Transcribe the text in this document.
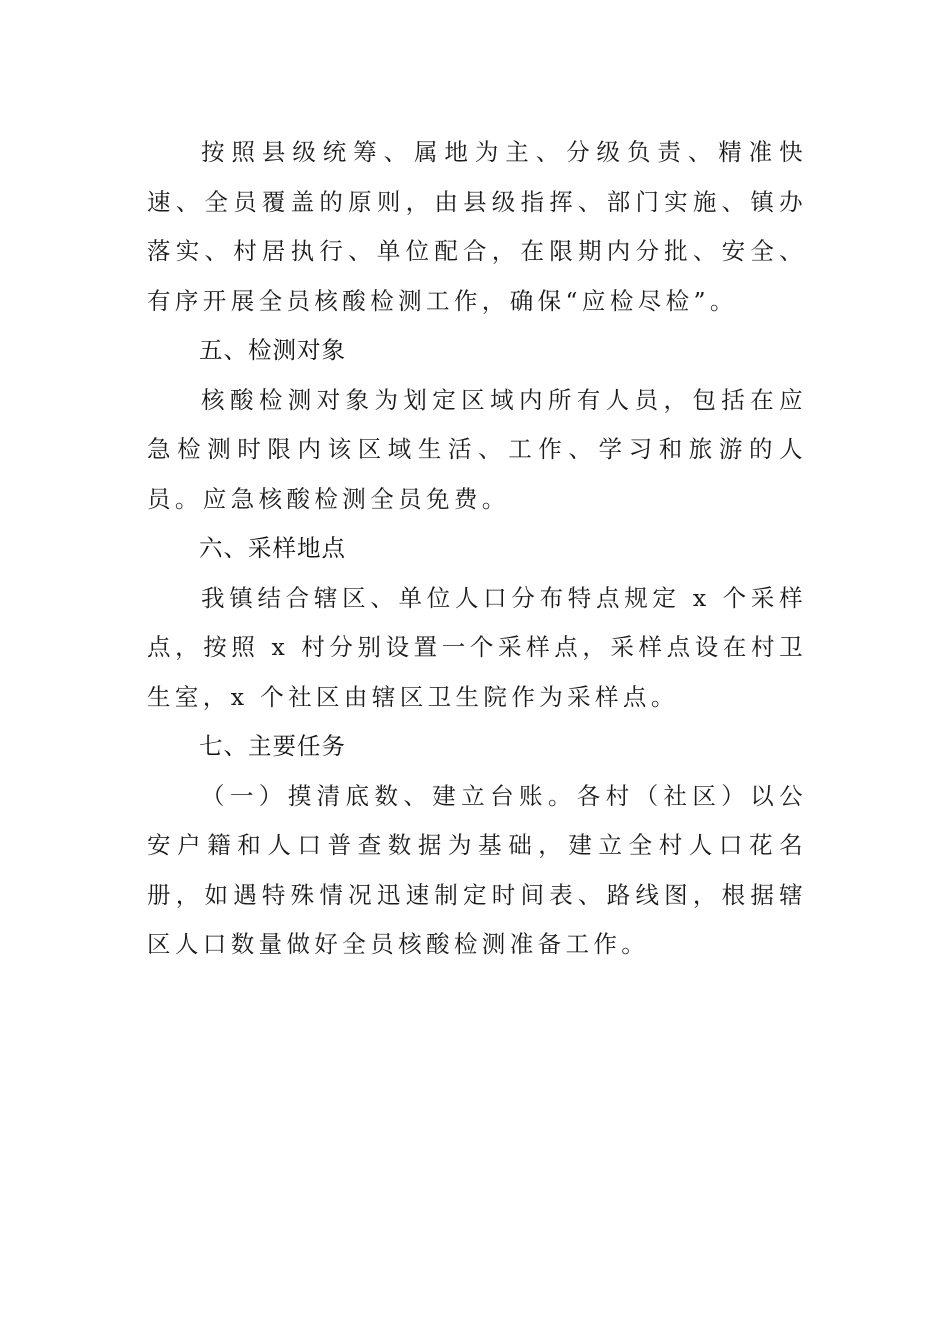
按照县级统筹、属地为主、分级负责、精准快速、全员覆盖的原则，由县级指挥、部门实施、镇办落实、村居执行、单位配合，在限期内分批、安全、有序开展全员核酸检测工作，确保“应检尽检”。

五、检测对象

核酸检测对象为划定区域内所有人员，包括在应急检测时限内该区域生活、工作、学习和旅游的人员。应急核酸检测全员免费。

六、采样地点

我镇结合辖区、单位人口分布特点规定 x 个采样点，按照 x 村分别设置一个采样点，采样点设在村卫生室，x 个社区由辖区卫生院作为采样点。

七、主要任务

（一）摸清底数、建立台账。各村（社区）以公安户籍和人口普查数据为基础，建立全村人口花名册，如遇特殊情况迅速制定时间表、路线图，根据辖区人口数量做好全员核酸检测准备工作。
